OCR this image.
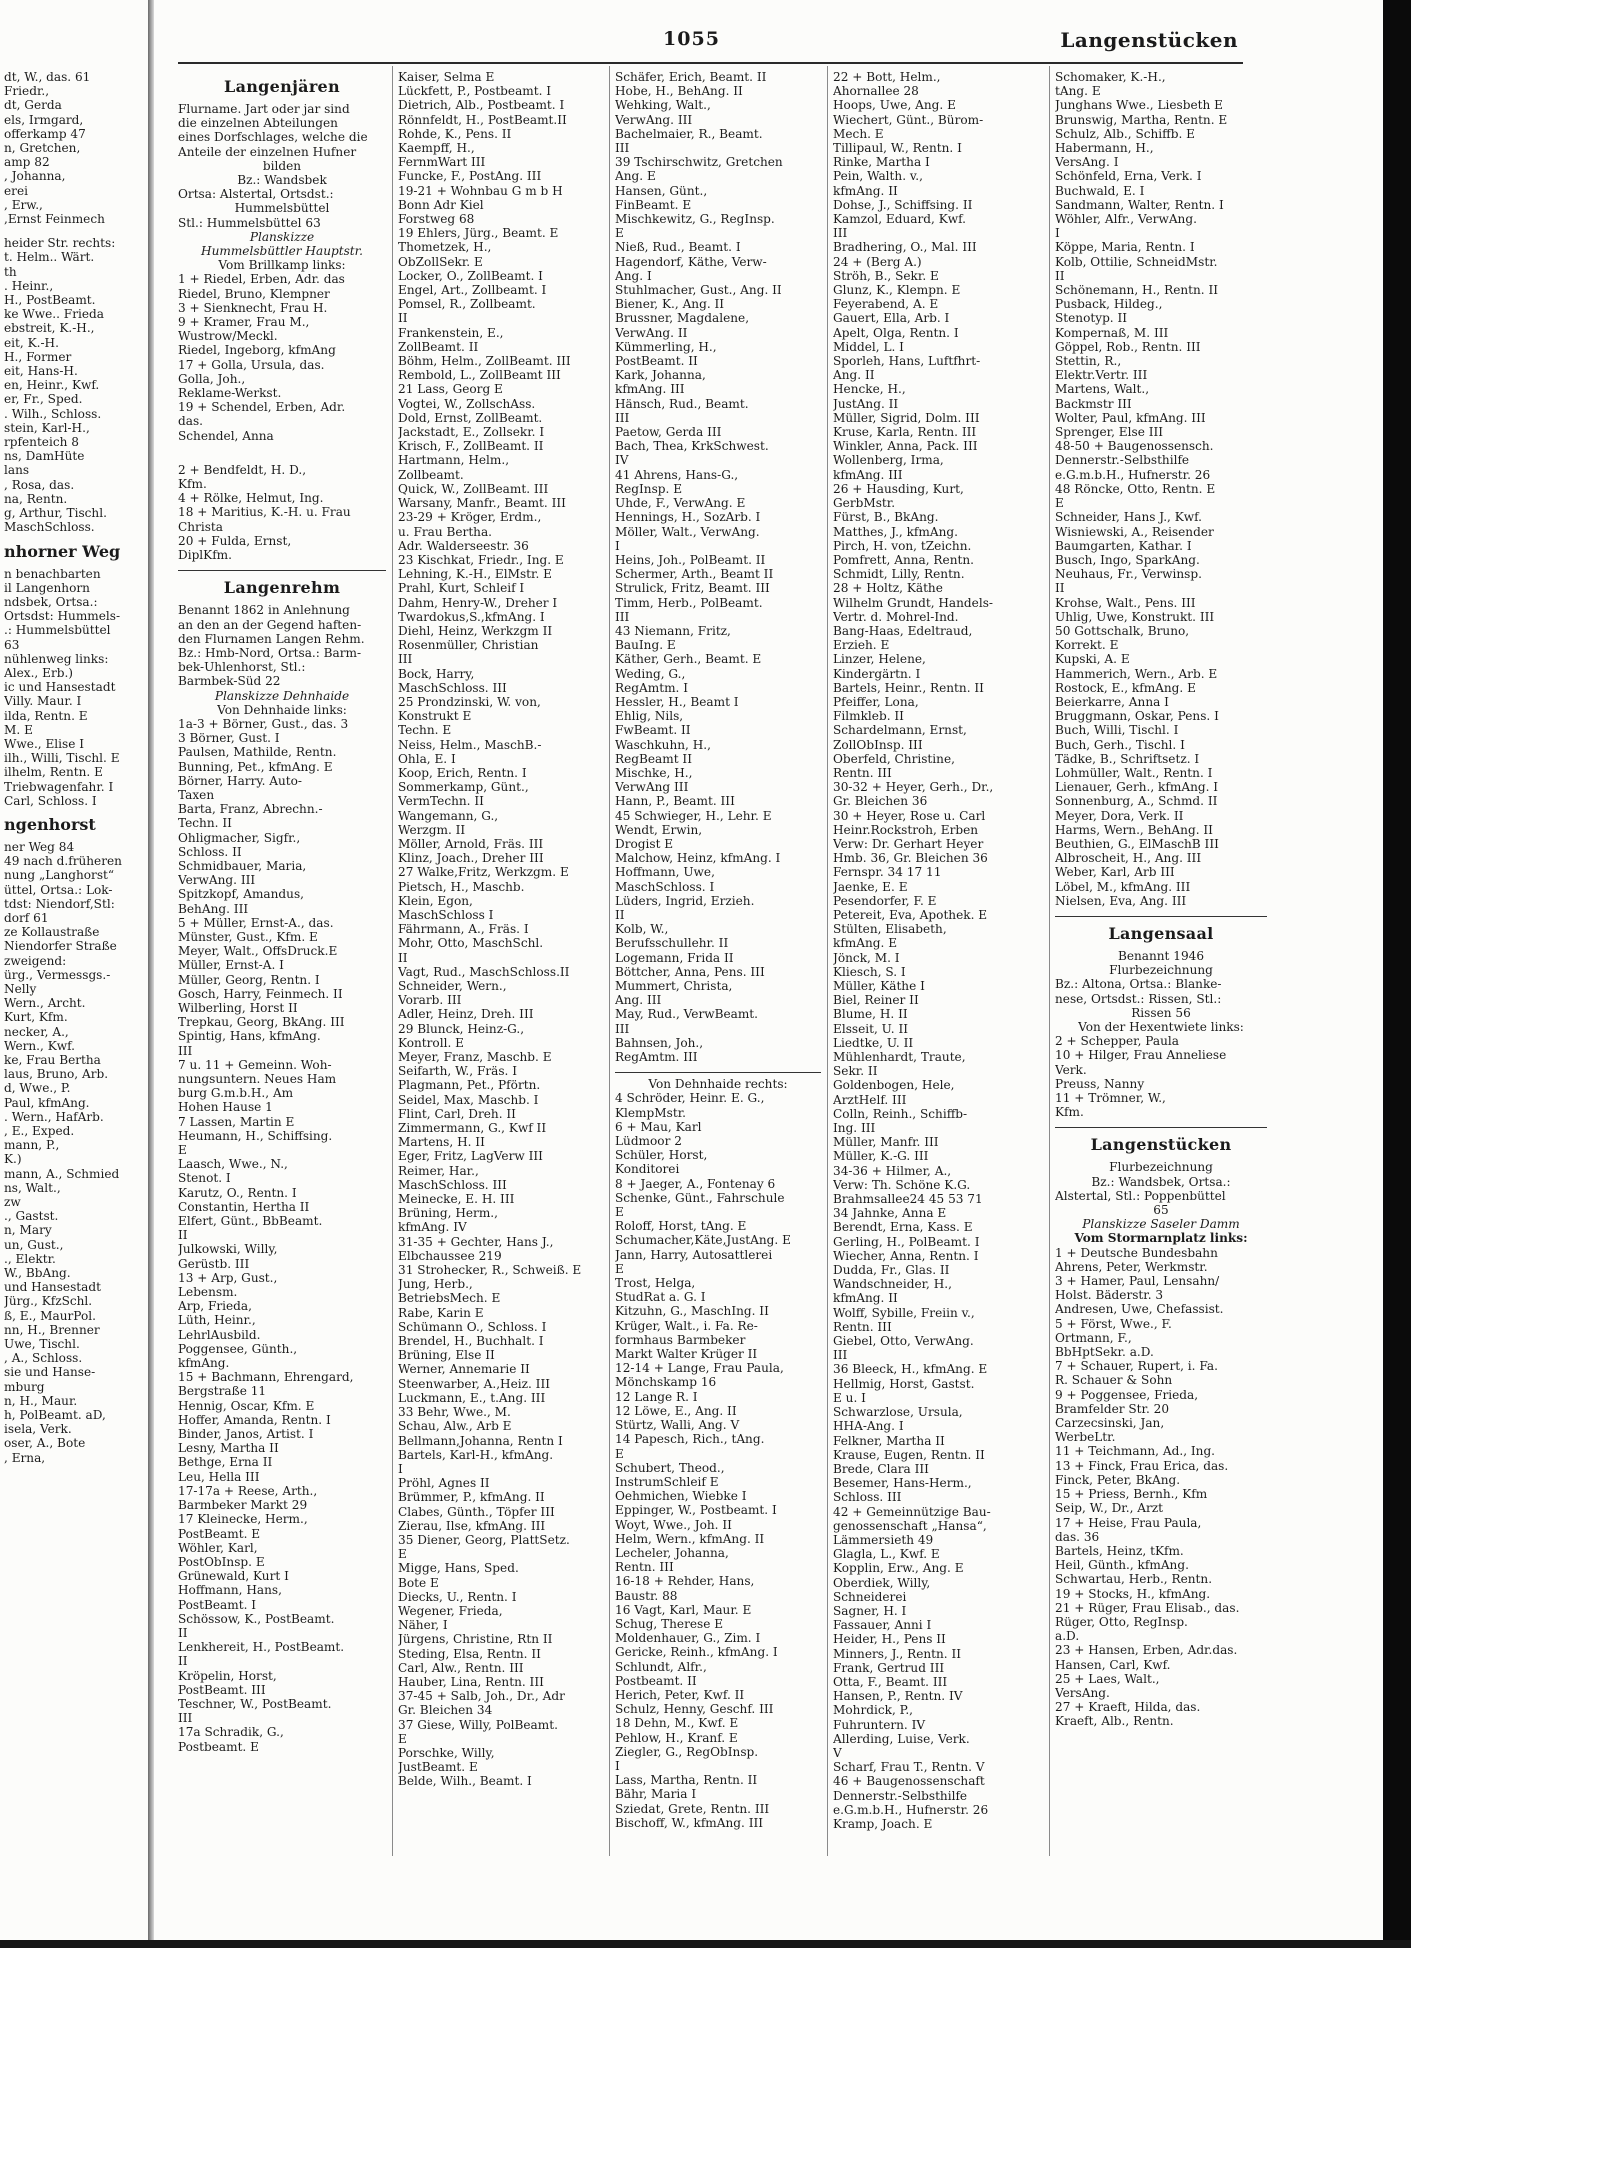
1055	Langenstücken
dt, W., das. 61
Friedr.,
dt, Gerda
els, Irmgard,
offerkamp 47
n, Gretchen,
amp 82
, Johanna,
erei
, Erw.,
,Ernst Feinmech
heider Str. rechts:
t. Helm.. Wärt.
th
. Heinr.,
H., PostBeamt.
ke Wwe.. Frieda
ebstreit, K.-H.,
eit, K.-H.
H., Former
eit, Hans-H.
en, Heinr., Kwf.
er, Fr., Sped.
. Wilh., Schloss.
stein, Karl-H.,
rpfenteich 8
ns, DamHüte
lans
, Rosa, das.
na, Rentn.
g, Arthur, Tischl.
MaschSchloss.
nhorner Weg
n benachbarten
il Langenhorn
ndsbek, Ortsa.:
Ortsdst: Hummels-
.: Hummelsbüttel
63
nühlenweg links:
Alex., Erb.)
ic und Hansestadt
Villy. Maur. I
ilda, Rentn. E
M. E
Wwe., Elise I
ilh., Willi, Tischl. E
ilhelm, Rentn. E
Triebwagenfahr. I
Carl, Schloss. I
ngenhorst
ner Weg 84
49 nach d.früheren
nung „Langhorst“
üttel, Ortsa.: Lok-
tdst: Niendorf,Stl:
dorf 61
ze Kollaustraße
Niendorfer Straße
zweigend:
ürg., Vermessgs.-
Nelly
Wern., Archt.
Kurt, Kfm.
necker, A.,
Wern., Kwf.
ke, Frau Bertha
laus, Bruno, Arb.
d, Wwe., P.
Paul, kfmAng.
. Wern., HafArb.
, E., Exped.
mann, P.,
K.)
mann, A., Schmied
ns, Walt.,
zw
., Gastst.
n, Mary
un, Gust.,
., Elektr.
W., BbAng.
und Hansestadt
Jürg., KfzSchl.
ß, E., MaurPol.
nn, H., Brenner
Uwe, Tischl.
, A., Schloss.
sie und Hanse-
mburg
n, H., Maur.
h, PolBeamt. aD,
isela, Verk.
oser, A., Bote
, Erna,
Langenjären
Flurname. Jart oder jar sind
die einzelnen Abteilungen
eines Dorfschlages, welche die
Anteile der einzelnen Hufner
bilden
Bz.: Wandsbek
Ortsa: Alstertal, Ortsdst.:
Hummelsbüttel
Stl.: Hummelsbüttel 63
Planskizze
Hummelsbüttler Hauptstr.
Vom Brillkamp links:
1 + Riedel, Erben, Adr. das
Riedel, Bruno, Klempner
3 + Sienknecht, Frau H.
9 + Kramer, Frau M.,
Wustrow/Meckl.
Riedel, Ingeborg, kfmAng
17 + Golla, Ursula, das.
Golla, Joh.,
Reklame-Werkst.
19 + Schendel, Erben, Adr.
das.
Schendel, Anna
2 + Bendfeldt, H. D.,
Kfm.
4 + Rölke, Helmut, Ing.
18 + Maritius, K.-H. u. Frau
Christa
20 + Fulda, Ernst,
DiplKfm.
Langenrehm
Benannt 1862 in Anlehnung
an den an der Gegend haften-
den Flurnamen Langen Rehm.
Bz.: Hmb-Nord, Ortsa.: Barm-
bek-Uhlenhorst, Stl.:
Barmbek-Süd 22
Planskizze Dehnhaide
Von Dehnhaide links:
1a-3 + Börner, Gust., das. 3
3 Börner, Gust. I
Paulsen, Mathilde, Rentn.
Bunning, Pet., kfmAng. E
Börner, Harry. Auto-
Taxen
Barta, Franz, Abrechn.-
Techn. II
Ohligmacher, Sigfr.,
Schloss. II
Schmidbauer, Maria,
VerwAng. III
Spitzkopf, Amandus,
BehAng. III
5 + Müller, Ernst-A., das.
Münster, Gust., Kfm. E
Meyer, Walt., OffsDruck.E
Müller, Ernst-A. I
Müller, Georg, Rentn. I
Gosch, Harry, Feinmech. II
Wilberling, Horst II
Trepkau, Georg, BkAng. III
Spintig, Hans, kfmAng.
III
7 u. 11 + Gemeinn. Woh-
nungsuntern. Neues Ham
burg G.m.b.H., Am
Hohen Hause 1
7 Lassen, Martin E
Heumann, H., Schiffsing.
E
Laasch, Wwe., N.,
Stenot. I
Karutz, O., Rentn. I
Constantin, Hertha II
Elfert, Günt., BbBeamt.
II
Julkowski, Willy,
Gerüstb. III
13 + Arp, Gust.,
Lebensm.
Arp, Frieda,
Lüth, Heinr.,
LehrlAusbild.
Poggensee, Günth.,
kfmAng.
15 + Bachmann, Ehrengard,
Bergstraße 11
Hennig, Oscar, Kfm. E
Hoffer, Amanda, Rentn. I
Binder, Janos, Artist. I
Lesny, Martha II
Bethge, Erna II
Leu, Hella III
17-17a + Reese, Arth.,
Barmbeker Markt 29
17 Kleinecke, Herm.,
PostBeamt. E
Wöhler, Karl,
PostObInsp. E
Grünewald, Kurt I
Hoffmann, Hans,
PostBeamt. I
Schössow, K., PostBeamt.
II
Lenkhereit, H., PostBeamt.
II
Kröpelin, Horst,
PostBeamt. III
Teschner, W., PostBeamt.
III
17a Schradik, G.,
Postbeamt. E
Kaiser, Selma E
Lückfett, P., Postbeamt. I
Dietrich, Alb., Postbeamt. I
Rönnfeldt, H., PostBeamt.II
Rohde, K., Pens. II
Kaempff, H.,
FernmWart III
Funcke, F., PostAng. III
19-21 + Wohnbau G m b H
Bonn Adr Kiel
Forstweg 68
19 Ehlers, Jürg., Beamt. E
Thometzek, H.,
ObZollSekr. E
Locker, O., ZollBeamt. I
Engel, Art., Zollbeamt. I
Pomsel, R., Zollbeamt.
II
Frankenstein, E.,
ZollBeamt. II
Böhm, Helm., ZollBeamt. III
Rembold, L., ZollBeamt III
21 Lass, Georg E
Vogtei, W., ZollschAss.
Dold, Ernst, ZollBeamt.
Jackstadt, E., Zollsekr. I
Krisch, F., ZollBeamt. II
Hartmann, Helm.,
Zollbeamt.
Quick, W., ZollBeamt. III
Warsany, Manfr., Beamt. III
23-29 + Kröger, Erdm.,
u. Frau Bertha.
Adr. Walderseestr. 36
23 Kischkat, Friedr., Ing. E
Lehning, K.-H., ElMstr. E
Prahl, Kurt, Schleif I
Dahm, Henry-W., Dreher I
Twardokus,S.,kfmAng. I
Diehl, Heinz, Werkzgm II
Rosenmüller, Christian
III
Bock, Harry,
MaschSchloss. III
25 Prondzinski, W. von,
Konstrukt E
Techn. E
Neiss, Helm., MaschB.-
Ohla, E. I
Koop, Erich, Rentn. I
Sommerkamp, Günt.,
VermTechn. II
Wangemann, G.,
Werzgm. II
Möller, Arnold, Fräs. III
Klinz, Joach., Dreher III
27 Walke,Fritz, Werkzgm. E
Pietsch, H., Maschb.
Klein, Egon,
MaschSchloss I
Fährmann, A., Fräs. I
Mohr, Otto, MaschSchl.
II
Vagt, Rud., MaschSchloss.II
Schneider, Wern.,
Vorarb. III
Adler, Heinz, Dreh. III
29 Blunck, Heinz-G.,
Kontroll. E
Meyer, Franz, Maschb. E
Seifarth, W., Fräs. I
Plagmann, Pet., Pförtn.
Seidel, Max, Maschb. I
Flint, Carl, Dreh. II
Zimmermann, G., Kwf II
Martens, H. II
Eger, Fritz, LagVerw III
Reimer, Har.,
MaschSchloss. III
Meinecke, E. H. III
Brüning, Herm.,
kfmAng. IV
31-35 + Gechter, Hans J.,
Elbchaussee 219
31 Strohecker, R., Schweiß. E
Jung, Herb.,
BetriebsMech. E
Rabe, Karin E
Schümann O., Schloss. I
Brendel, H., Buchhalt. I
Brüning, Else II
Werner, Annemarie II
Steenwarber, A.,Heiz. III
Luckmann, E., t.Ang. III
33 Behr, Wwe., M.
Schau, Alw., Arb E
Bellmann,Johanna, Rentn I
Bartels, Karl-H., kfmAng.
I
Pröhl, Agnes II
Brümmer, P., kfmAng. II
Clabes, Günth., Töpfer III
Zierau, Ilse, kfmAng. III
35 Diener, Georg, PlattSetz.
E
Migge, Hans, Sped.
Bote E
Diecks, U., Rentn. I
Wegener, Frieda,
Näher, I
Jürgens, Christine, Rtn II
Steding, Elsa, Rentn. II
Carl, Alw., Rentn. III
Hauber, Lina, Rentn. III
37-45 + Salb, Joh., Dr., Adr
Gr. Bleichen 34
37 Giese, Willy, PolBeamt.
E
Porschke, Willy,
JustBeamt. E
Belde, Wilh., Beamt. I
Schäfer, Erich, Beamt. II
Hobe, H., BehAng. II
Wehking, Walt.,
VerwAng. III
Bachelmaier, R., Beamt.
III
39 Tschirschwitz, Gretchen
Ang. E
Hansen, Günt.,
FinBeamt. E
Mischkewitz, G., RegInsp.
E
Nieß, Rud., Beamt. I
Hagendorf, Käthe, Verw-
Ang. I
Stuhlmacher, Gust., Ang. II
Biener, K., Ang. II
Brussner, Magdalene,
VerwAng. II
Kümmerling, H.,
PostBeamt. II
Kark, Johanna,
kfmAng. III
Hänsch, Rud., Beamt.
III
Paetow, Gerda III
Bach, Thea, KrkSchwest.
IV
41 Ahrens, Hans-G.,
RegInsp. E
Uhde, F., VerwAng. E
Hennings, H., SozArb. I
Möller, Walt., VerwAng.
I
Heins, Joh., PolBeamt. II
Schermer, Arth., Beamt II
Strulick, Fritz, Beamt. III
Timm, Herb., PolBeamt.
III
43 Niemann, Fritz,
BauIng. E
Käther, Gerh., Beamt. E
Weding, G.,
RegAmtm. I
Hessler, H., Beamt I
Ehlig, Nils,
FwBeamt. II
Waschkuhn, H.,
RegBeamt II
Mischke, H.,
VerwAng III
Hann, P., Beamt. III
45 Schwieger, H., Lehr. E
Wendt, Erwin,
Drogist E
Malchow, Heinz, kfmAng. I
Hoffmann, Uwe,
MaschSchloss. I
Lüders, Ingrid, Erzieh.
II
Kolb, W.,
Berufsschullehr. II
Logemann, Frida II
Böttcher, Anna, Pens. III
Mummert, Christa,
Ang. III
May, Rud., VerwBeamt.
III
Bahnsen, Joh.,
RegAmtm. III
Von Dehnhaide rechts:
4 Schröder, Heinr. E. G.,
KlempMstr.
6 + Mau, Karl
Lüdmoor 2
Schüler, Horst,
Konditorei
8 + Jaeger, A., Fontenay 6
Schenke, Günt., Fahrschule
E
Roloff, Horst, tAng. E
Schumacher,Käte,JustAng. E
Jann, Harry, Autosattlerei
E
Trost, Helga,
StudRat a. G. I
Kitzuhn, G., MaschIng. II
Krüger, Walt., i. Fa. Re-
formhaus Barmbeker
Markt Walter Krüger II
12-14 + Lange, Frau Paula,
Mönchskamp 16
12 Lange R. I
12 Löwe, E., Ang. II
Stürtz, Walli, Ang. V
14 Papesch, Rich., tAng.
E
Schubert, Theod.,
InstrumSchleif E
Oehmichen, Wiebke I
Eppinger, W., Postbeamt. I
Woyt, Wwe., Joh. II
Helm, Wern., kfmAng. II
Lecheler, Johanna,
Rentn. III
16-18 + Rehder, Hans,
Baustr. 88
16 Vagt, Karl, Maur. E
Schug, Therese E
Moldenhauer, G., Zim. I
Gericke, Reinh., kfmAng. I
Schlundt, Alfr.,
Postbeamt. II
Herich, Peter, Kwf. II
Schulz, Henny, Geschf. III
18 Dehn, M., Kwf. E
Pehlow, H., Kranf. E
Ziegler, G., RegObInsp.
I
Lass, Martha, Rentn. II
Bähr, Maria I
Sziedat, Grete, Rentn. III
Bischoff, W., kfmAng. III
22 + Bott, Helm.,
Ahornallee 28
Hoops, Uwe, Ang. E
Wiechert, Günt., Bürom-
Mech. E
Tillipaul, W., Rentn. I
Rinke, Martha I
Pein, Walth. v.,
kfmAng. II
Dohse, J., Schiffsing. II
Kamzol, Eduard, Kwf.
III
Bradhering, O., Mal. III
24 + (Berg A.)
Ströh, B., Sekr. E
Glunz, K., Klempn. E
Feyerabend, A. E
Gauert, Ella, Arb. I
Apelt, Olga, Rentn. I
Middel, L. I
Sporleh, Hans, Luftfhrt-
Ang. II
Hencke, H.,
JustAng. II
Müller, Sigrid, Dolm. III
Kruse, Karla, Rentn. III
Winkler, Anna, Pack. III
Wollenberg, Irma,
kfmAng. III
26 + Hausding, Kurt,
GerbMstr.
Fürst, B., BkAng.
Matthes, J., kfmAng.
Pirch, H. von, tZeichn.
Pomfrett, Anna, Rentn.
Schmidt, Lilly, Rentn.
28 + Holtz, Käthe
Wilhelm Grundt, Handels-
Vertr. d. Mohrel-Ind.
Bang-Haas, Edeltraud,
Erzieh. E
Linzer, Helene,
Kindergärtn. I
Bartels, Heinr., Rentn. II
Pfeiffer, Lona,
Filmkleb. II
Schardelmann, Ernst,
ZollObInsp. III
Oberfeld, Christine,
Rentn. III
30-32 + Heyer, Gerh., Dr.,
Gr. Bleichen 36
30 + Heyer, Rose u. Carl
Heinr.Rockstroh, Erben
Verw: Dr. Gerhart Heyer
Hmb. 36, Gr. Bleichen 36
Fernspr. 34 17 11
Jaenke, E. E
Pesendorfer, F. E
Petereit, Eva, Apothek. E
Stülten, Elisabeth,
kfmAng. E
Jönck, M. I
Kliesch, S. I
Müller, Käthe I
Biel, Reiner II
Blume, H. II
Elsseit, U. II
Liedtke, U. II
Mühlenhardt, Traute,
Sekr. II
Goldenbogen, Hele,
ArztHelf. III
Colln, Reinh., Schiffb-
Ing. III
Müller, Manfr. III
Müller, K.-G. III
34-36 + Hilmer, A.,
Verw: Th. Schöne K.G.
Brahmsallee24 45 53 71
34 Jahnke, Anna E
Berendt, Erna, Kass. E
Gerling, H., PolBeamt. I
Wiecher, Anna, Rentn. I
Dudda, Fr., Glas. II
Wandschneider, H.,
kfmAng. II
Wolff, Sybille, Freiin v.,
Rentn. III
Giebel, Otto, VerwAng.
III
36 Bleeck, H., kfmAng. E
Hellmig, Horst, Gastst.
E u. I
Schwarzlose, Ursula,
HHA-Ang. I
Felkner, Martha II
Krause, Eugen, Rentn. II
Brede, Clara III
Besemer, Hans-Herm.,
Schloss. III
42 + Gemeinnützige Bau-
genossenschaft „Hansa“,
Lämmersieth 49
Glagla, L., Kwf. E
Kopplin, Erw., Ang. E
Oberdiek, Willy,
Schneiderei
Sagner, H. I
Fassauer, Anni I
Heider, H., Pens II
Minners, J., Rentn. II
Frank, Gertrud III
Otta, F., Beamt. III
Hansen, P., Rentn. IV
Mohrdick, P.,
Fuhruntern. IV
Allerding, Luise, Verk.
V
Scharf, Frau T., Rentn. V
46 + Baugenossenschaft
Dennerstr.-Selbsthilfe
e.G.m.b.H., Hufnerstr. 26
Kramp, Joach. E
Schomaker, K.-H.,
tAng. E
Junghans Wwe., Liesbeth E
Brunswig, Martha, Rentn. E
Schulz, Alb., Schiffb. E
Habermann, H.,
VersAng. I
Schönfeld, Erna, Verk. I
Buchwald, E. I
Sandmann, Walter, Rentn. I
Wöhler, Alfr., VerwAng.
I
Köppe, Maria, Rentn. I
Kolb, Ottilie, SchneidMstr.
II
Schönemann, H., Rentn. II
Pusback, Hildeg.,
Stenotyp. II
Kompernaß, M. III
Göppel, Rob., Rentn. III
Stettin, R.,
Elektr.Vertr. III
Martens, Walt.,
Backmstr III
Wolter, Paul, kfmAng. III
Sprenger, Else III
48-50 + Baugenossensch.
Dennerstr.-Selbsthilfe
e.G.m.b.H., Hufnerstr. 26
48 Röncke, Otto, Rentn. E
E
Schneider, Hans J., Kwf.
Wisniewski, A., Reisender
Baumgarten, Kathar. I
Busch, Ingo, SparkAng.
Neuhaus, Fr., Verwinsp.
II
Krohse, Walt., Pens. III
Uhlig, Uwe, Konstrukt. III
50 Gottschalk, Bruno,
Korrekt. E
Kupski, A. E
Hammerich, Wern., Arb. E
Rostock, E., kfmAng. E
Beierkarre, Anna I
Bruggmann, Oskar, Pens. I
Buch, Willi, Tischl. I
Buch, Gerh., Tischl. I
Tädke, B., Schriftsetz. I
Lohmüller, Walt., Rentn. I
Lienauer, Gerh., kfmAng. I
Sonnenburg, A., Schmd. II
Meyer, Dora, Verk. II
Harms, Wern., BehAng. II
Beuthien, G., ElMaschB III
Albroscheit, H., Ang. III
Weber, Karl, Arb III
Löbel, M., kfmAng. III
Nielsen, Eva, Ang. III
Langensaal
Benannt 1946
Flurbezeichnung
Bz.: Altona, Ortsa.: Blanke-
nese, Ortsdst.: Rissen, Stl.:
Rissen 56
Von der Hexentwiete links:
2 + Schepper, Paula
10 + Hilger, Frau Anneliese
Verk.
Preuss, Nanny
11 + Trömner, W.,
Kfm.
Langenstücken
Flurbezeichnung
Bz.: Wandsbek, Ortsa.:
Alstertal, Stl.: Poppenbüttel
65
Planskizze Saseler Damm
Vom Stormarnplatz links:
1 + Deutsche Bundesbahn
Ahrens, Peter, Werkmstr.
3 + Hamer, Paul, Lensahn/
Holst. Bäderstr. 3
Andresen, Uwe, Chefassist.
5 + Först, Wwe., F.
Ortmann, F.,
BbHptSekr. a.D.
7 + Schauer, Rupert, i. Fa.
R. Schauer & Sohn
9 + Poggensee, Frieda,
Bramfelder Str. 20
Carzecsinski, Jan,
WerbeLtr.
11 + Teichmann, Ad., Ing.
13 + Finck, Frau Erica, das.
Finck, Peter, BkAng.
15 + Priess, Bernh., Kfm
Seip, W., Dr., Arzt
17 + Heise, Frau Paula,
das. 36
Bartels, Heinz, tKfm.
Heil, Günth., kfmAng.
Schwartau, Herb., Rentn.
19 + Stocks, H., kfmAng.
21 + Rüger, Frau Elisab., das.
Rüger, Otto, RegInsp.
a.D.
23 + Hansen, Erben, Adr.das.
Hansen, Carl, Kwf.
25 + Laes, Walt.,
VersAng.
27 + Kraeft, Hilda, das.
Kraeft, Alb., Rentn.
